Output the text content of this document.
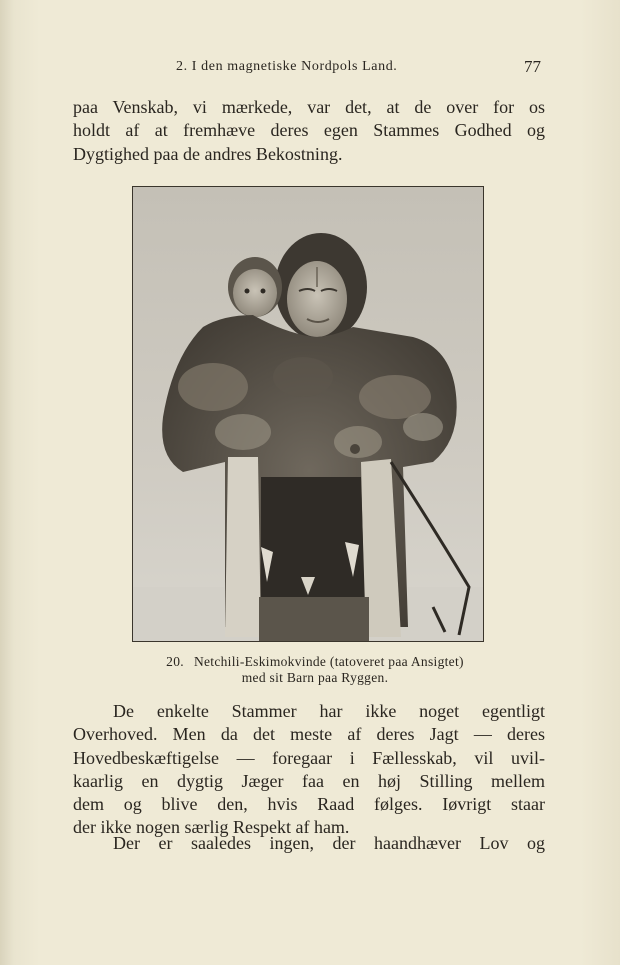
2. I den magnetiske Nordpols Land.	77
paa Venskab, vi mærkede, var det, at de over for os
holdt af at fremhæve deres egen Stammes Godhed og
Dygtighed paa de andres Bekostning.
20. Netchili-Eskimokvinde (tatoveret paa Ansigtet)
med sit Barn paa Ryggen.
De enkelte Stammer har ikke noget egentligt
Overhoved. Men da det meste af deres Jagt — deres
Hovedbeskæftigelse — foregaar i Fællesskab, vil uvil-
kaarlig en dygtig Jæger faa en høj Stilling mellem
dem og blive den, hvis Raad følges. Iøvrigt staar
der ikke nogen særlig Respekt af ham.
Der er saaledes ingen, der haandhæver Lov og
